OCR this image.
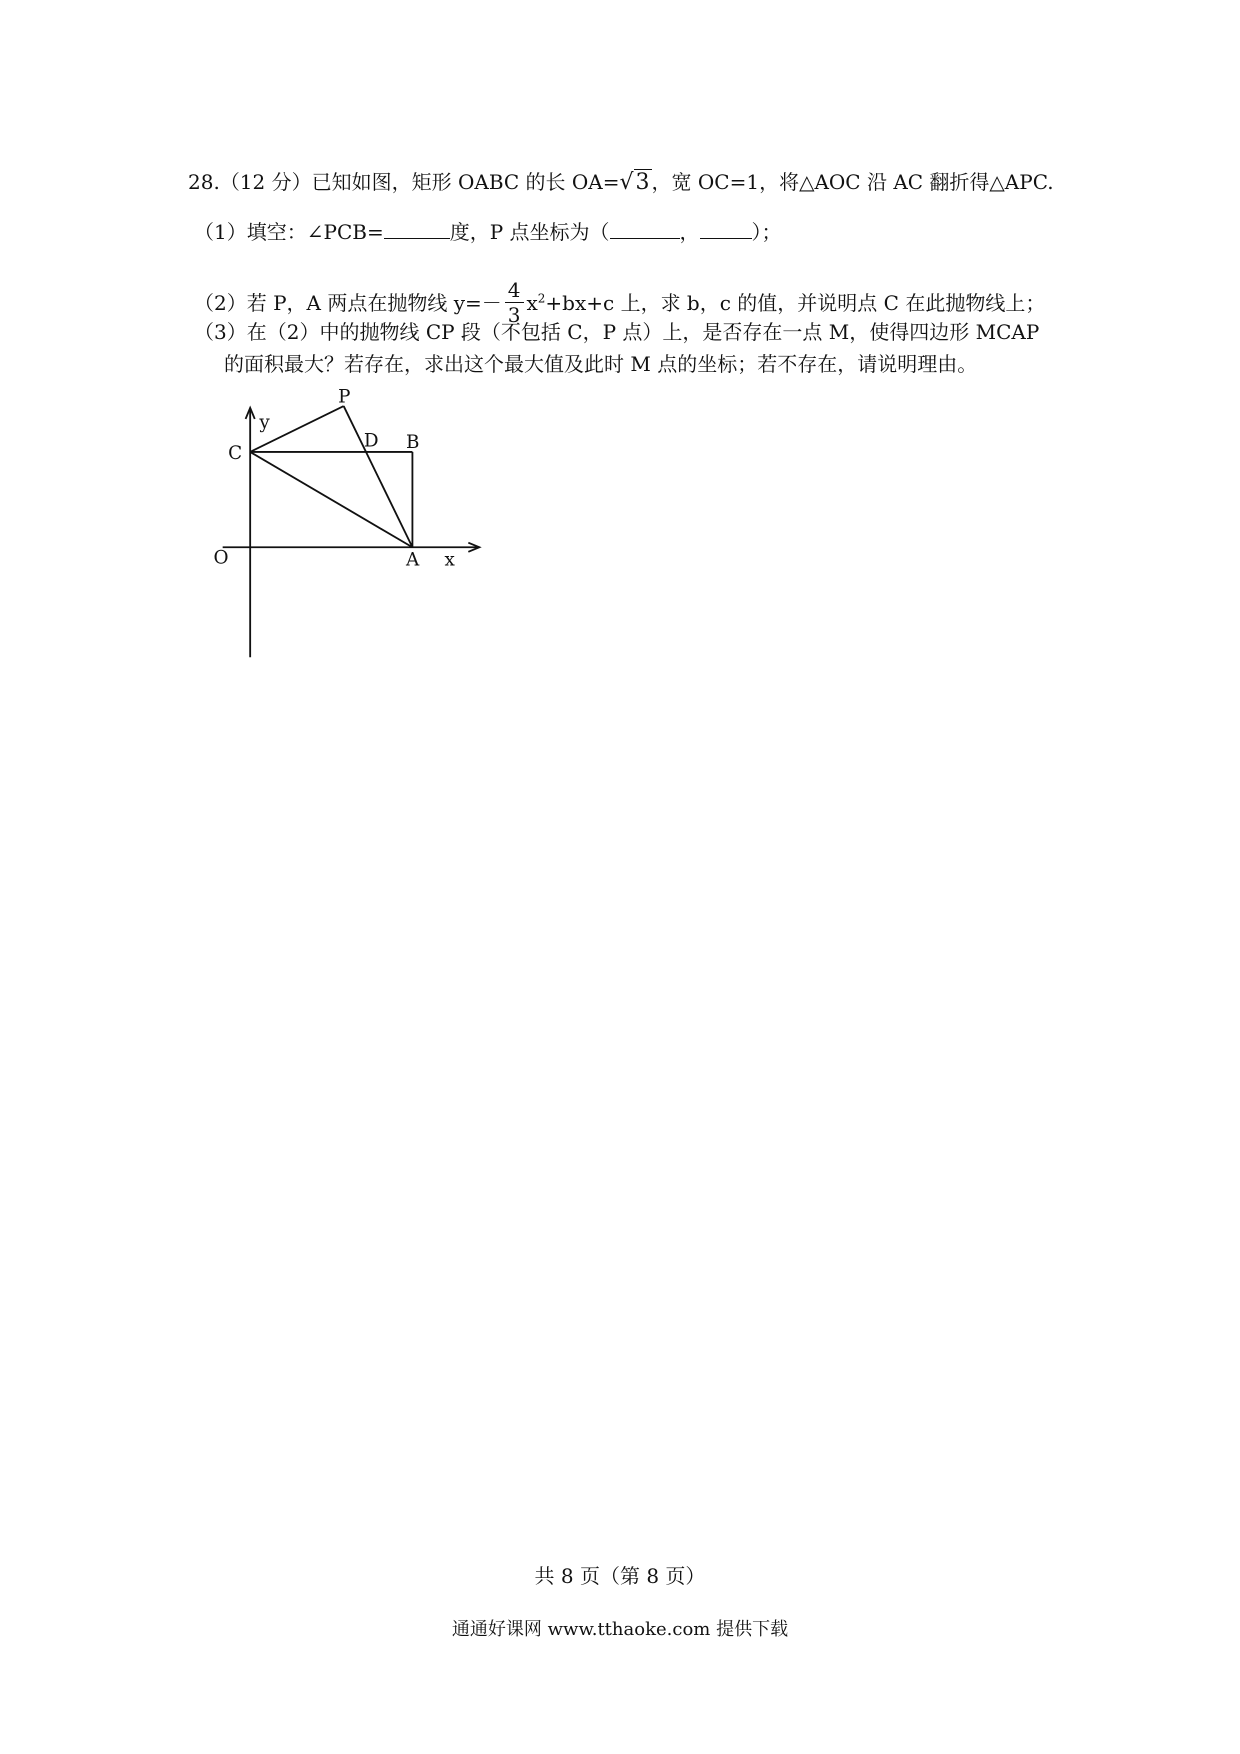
28.（12 分）已知如图，矩形 OABC 的长 OA=√3 ，宽 OC=1，将△AOC 沿 AC 翻折得△APC.
（1）填空：∠PCB=	度，P 点坐标为（	，	）；
（2）若 P，A 两点在抛物线 $y=- \frac{4}{3} x^2+bx+c$ 上，求 b，c 的值，并说明点 C 在此抛物线上；
（3）在（2）中的抛物线 CP 段（不包括 C，P 点）上，是否存在一点 M，使得四边形 MCAP
的面积最大？若存在，求出这个最大值及此时 M 点的坐标；若不存在，请说明理由。
y
x
O	A
B
C
D
P
共 8 页（第 8 页）
通通好课网 www.tthaoke.com 提供下载
